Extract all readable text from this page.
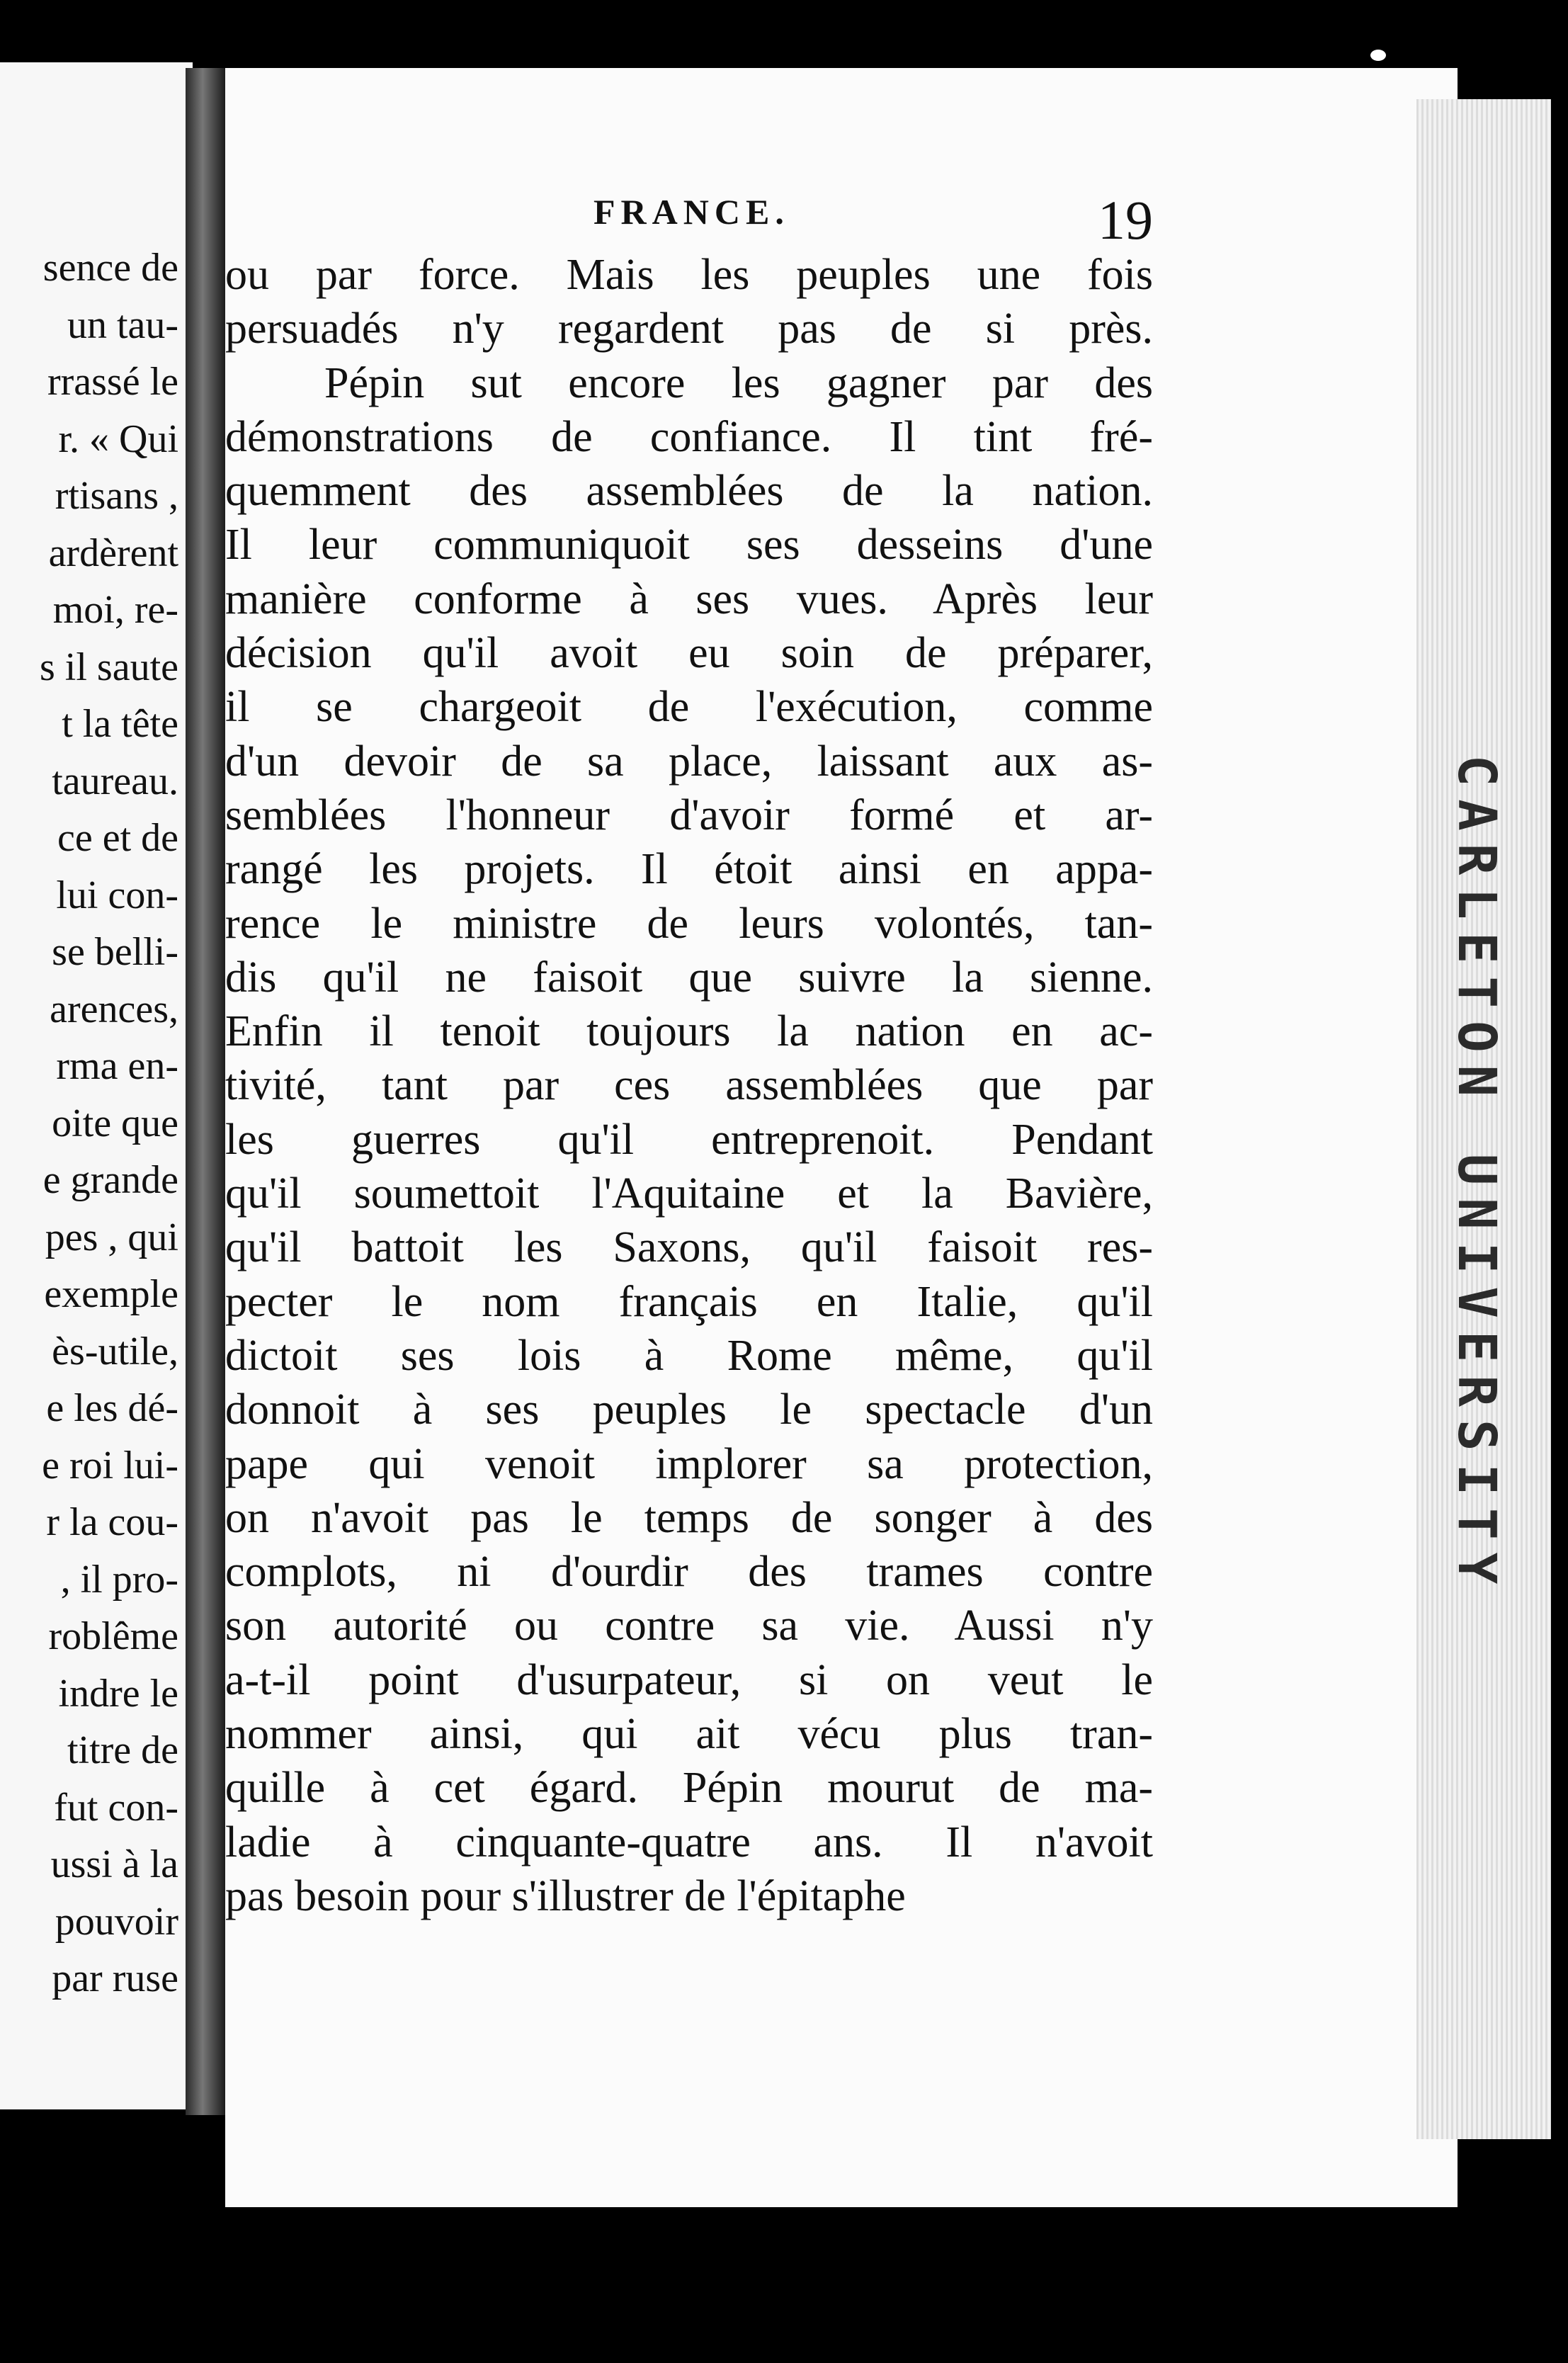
sence de
un tau-
rrassé le
r. « Qui
rtisans ,
ardèrent
moi, re-
s il saute
t la tête
taureau.
ce et de
lui con-
se belli-
arences,
rma en-
oite que
e grande
pes , qui
exemple
ès-utile,
e les dé-
e roi lui-
r la cou-
, il pro-
roblême
indre le
titre de
fut con-
ussi à la
pouvoir
par ruse
CARLETON UNIVERSITY
FRANCE.	19
ou par force. Mais les peuples une fois
persuadés n'y regardent pas de si près.
Pépin sut encore les gagner par des
démonstrations de confiance. Il tint fré-
quemment des assemblées de la nation.
Il leur communiquoit ses desseins d'une
manière conforme à ses vues. Après leur
décision qu'il avoit eu soin de préparer,
il se chargeoit de l'exécution, comme
d'un devoir de sa place, laissant aux as-
semblées l'honneur d'avoir formé et ar-
rangé les projets. Il étoit ainsi en appa-
rence le ministre de leurs volontés, tan-
dis qu'il ne faisoit que suivre la sienne.
Enfin il tenoit toujours la nation en ac-
tivité, tant par ces assemblées que par
les guerres qu'il entreprenoit. Pendant
qu'il soumettoit l'Aquitaine et la Bavière,
qu'il battoit les Saxons, qu'il faisoit res-
pecter le nom français en Italie, qu'il
dictoit ses lois à Rome même, qu'il
donnoit à ses peuples le spectacle d'un
pape qui venoit implorer sa protection,
on n'avoit pas le temps de songer à des
complots, ni d'ourdir des trames contre
son autorité ou contre sa vie. Aussi n'y
a-t-il point d'usurpateur, si on veut le
nommer ainsi, qui ait vécu plus tran-
quille à cet égard. Pépin mourut de ma-
ladie à cinquante-quatre ans. Il n'avoit
pas besoin pour s'illustrer de l'épitaphe
